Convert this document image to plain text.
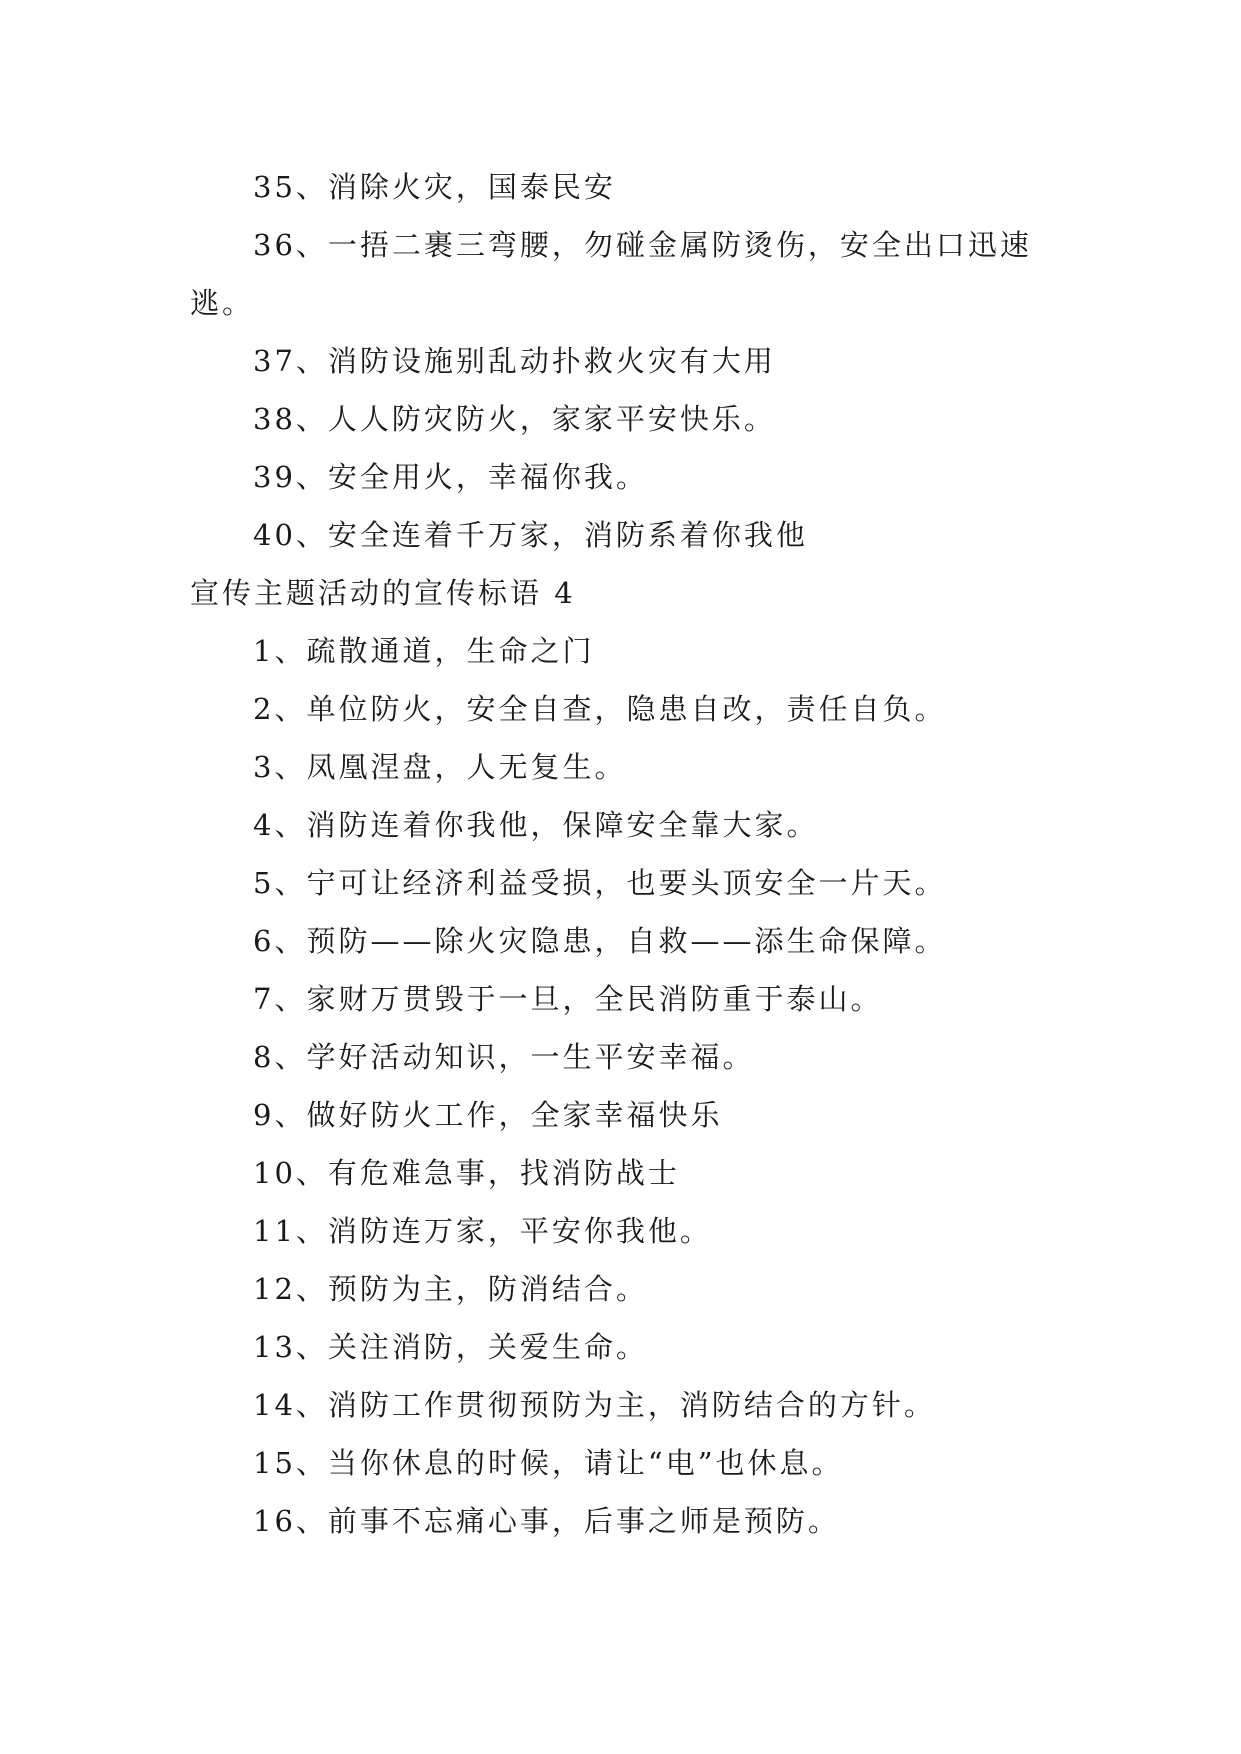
35、消除火灾，国泰民安
36、一捂二裹三弯腰，勿碰金属防烫伤，安全出口迅速逃。
37、消防设施别乱动扑救火灾有大用
38、人人防灾防火，家家平安快乐。
39、安全用火，幸福你我。
40、安全连着千万家，消防系着你我他
宣传主题活动的宣传标语 4
1、疏散通道，生命之门
2、单位防火，安全自查，隐患自改，责任自负。
3、凤凰涅盘，人无复生。
4、消防连着你我他，保障安全靠大家。
5、宁可让经济利益受损，也要头顶安全一片天。
6、预防——除火灾隐患，自救——添生命保障。
7、家财万贯毁于一旦，全民消防重于泰山。
8、学好活动知识，一生平安幸福。
9、做好防火工作，全家幸福快乐
10、有危难急事，找消防战士
11、消防连万家，平安你我他。
12、预防为主，防消结合。
13、关注消防，关爱生命。
14、消防工作贯彻预防为主，消防结合的方针。
15、当你休息的时候，请让“电”也休息。
16、前事不忘痛心事，后事之师是预防。
